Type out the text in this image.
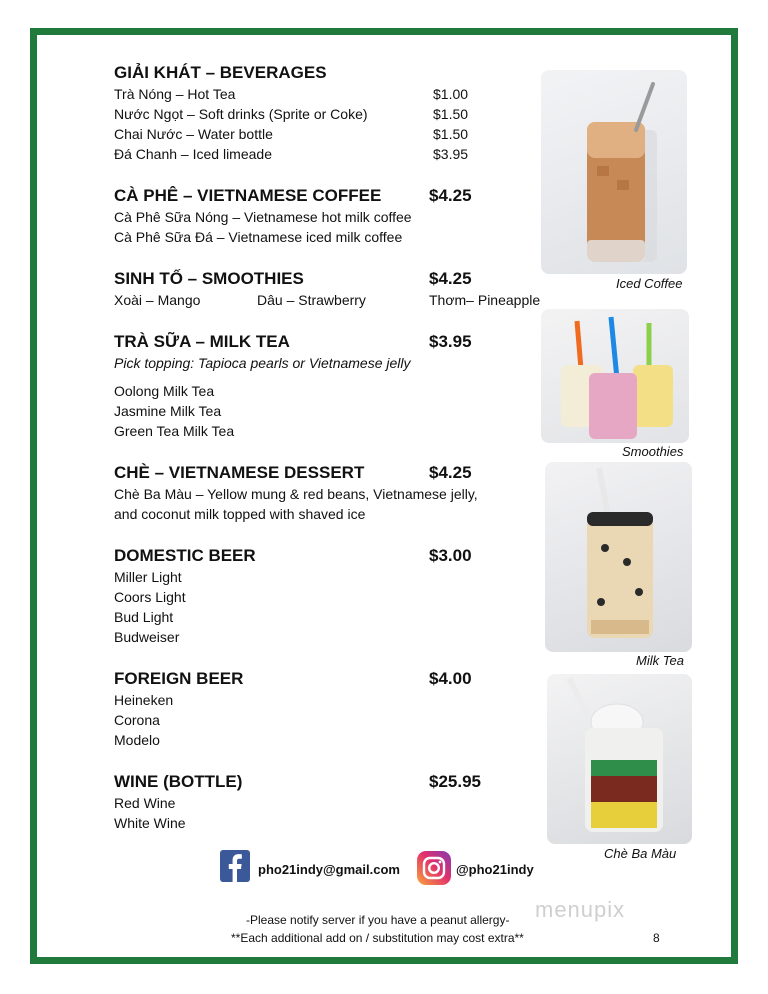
GIẢI KHÁT – BEVERAGES
Trà Nóng – Hot Tea	$1.00
Nước Ngọt – Soft drinks (Sprite or Coke)	$1.50
Chai Nước – Water bottle	$1.50
Đá Chanh – Iced limeade	$3.95
CÀ PHÊ – VIETNAMESE COFFEE	$4.25
Cà Phê Sữa Nóng – Vietnamese hot milk coffee
Cà Phê Sữa Đá – Vietnamese iced milk coffee
SINH TỐ – SMOOTHIES	$4.25
Xoài – Mango	Dâu – Strawberry	Thơm– Pineapple
TRÀ SỮA – MILK TEA	$3.95
Pick topping: Tapioca pearls or Vietnamese jelly
Oolong Milk Tea
Jasmine Milk Tea
Green Tea Milk Tea
CHÈ – VIETNAMESE DESSERT	$4.25
Chè Ba Màu – Yellow mung & red beans, Vietnamese jelly,
and coconut milk topped with shaved ice
DOMESTIC BEER	$3.00
Miller Light
Coors Light
Bud Light
Budweiser
FOREIGN BEER	$4.00
Heineken
Corona
Modelo
WINE (BOTTLE)	$25.95
Red Wine
White Wine
Iced Coffee
Smoothies
Milk Tea
Chè Ba Màu
pho21indy@gmail.com	@pho21indy
-Please notify server if you have a peanut allergy-
**Each additional add on / substitution may cost extra**	8
menupix
